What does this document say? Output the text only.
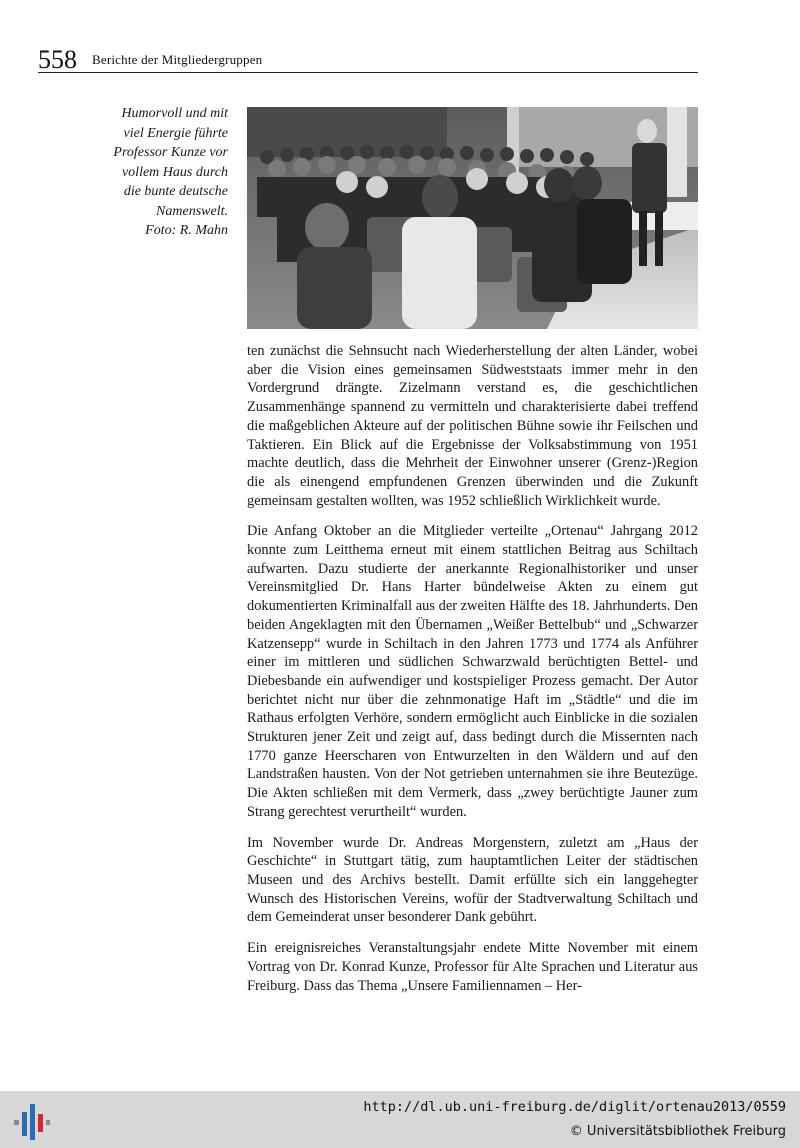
558 Berichte der Mitgliedergruppen
Humorvoll und mit
viel Energie führte
Professor Kunze vor
vollem Haus durch
die bunte deutsche
Namenswelt.
Foto: R. Mahn

ten zunächst die Sehnsucht nach Wiederherstellung der alten Länder, wobei aber die Vision eines gemeinsamen Südweststaats immer mehr in den Vordergrund drängte. Zizelmann verstand es, die geschichtlichen Zusammenhänge spannend zu vermitteln und charakterisierte dabei treffend die maßgeblichen Akteure auf der politischen Bühne sowie ihr Feilschen und Taktieren. Ein Blick auf die Ergebnisse der Volksabstimmung von 1951 machte deutlich, dass die Mehrheit der Einwohner unserer (Grenz-)Region die als einengend empfundenen Grenzen überwinden und die Zukunft gemeinsam gestalten wollten, was 1952 schließlich Wirklichkeit wurde.

Die Anfang Oktober an die Mitglieder verteilte „Ortenau“ Jahrgang 2012 konnte zum Leitthema erneut mit einem stattlichen Beitrag aus Schiltach aufwarten. Dazu studierte der anerkannte Regionalhistoriker und unser Vereinsmitglied Dr. Hans Harter bündelweise Akten zu einem gut dokumentierten Kriminalfall aus der zweiten Hälfte des 18. Jahrhunderts. Den beiden Angeklagten mit den Übernamen „Weißer Bettelbub“ und „Schwarzer Katzensepp“ wurde in Schiltach in den Jahren 1773 und 1774 als Anführer einer im mittleren und südlichen Schwarzwald berüchtigten Bettel- und Diebesbande ein aufwendiger und kostspieliger Prozess gemacht. Der Autor berichtet nicht nur über die zehnmonatige Haft im „Städtle“ und die im Rathaus erfolgten Verhöre, sondern ermöglicht auch Einblicke in die sozialen Strukturen jener Zeit und zeigt auf, dass bedingt durch die Missernten nach 1770 ganze Heerscharen von Entwurzelten in den Wäldern und auf den Landstraßen hausten. Von der Not getrieben unternahmen sie ihre Beutezüge. Die Akten schließen mit dem Vermerk, dass „zwey berüchtigte Jauner zum Strang gerechtest verurtheilt“ wurden.

Im November wurde Dr. Andreas Morgenstern, zuletzt am „Haus der Geschichte“ in Stuttgart tätig, zum hauptamtlichen Leiter der städtischen Museen und des Archivs bestellt. Damit erfüllte sich ein langgehegter Wunsch des Historischen Vereins, wofür der Stadtverwaltung Schiltach und dem Gemeinderat unser besonderer Dank gebührt.

Ein ereignisreiches Veranstaltungsjahr endete Mitte November mit einem Vortrag von Dr. Konrad Kunze, Professor für Alte Sprachen und Literatur aus Freiburg. Dass das Thema „Unsere Familiennamen – Her-

http://dl.ub.uni-freiburg.de/diglit/ortenau2013/0559
© Universitätsbibliothek Freiburg
